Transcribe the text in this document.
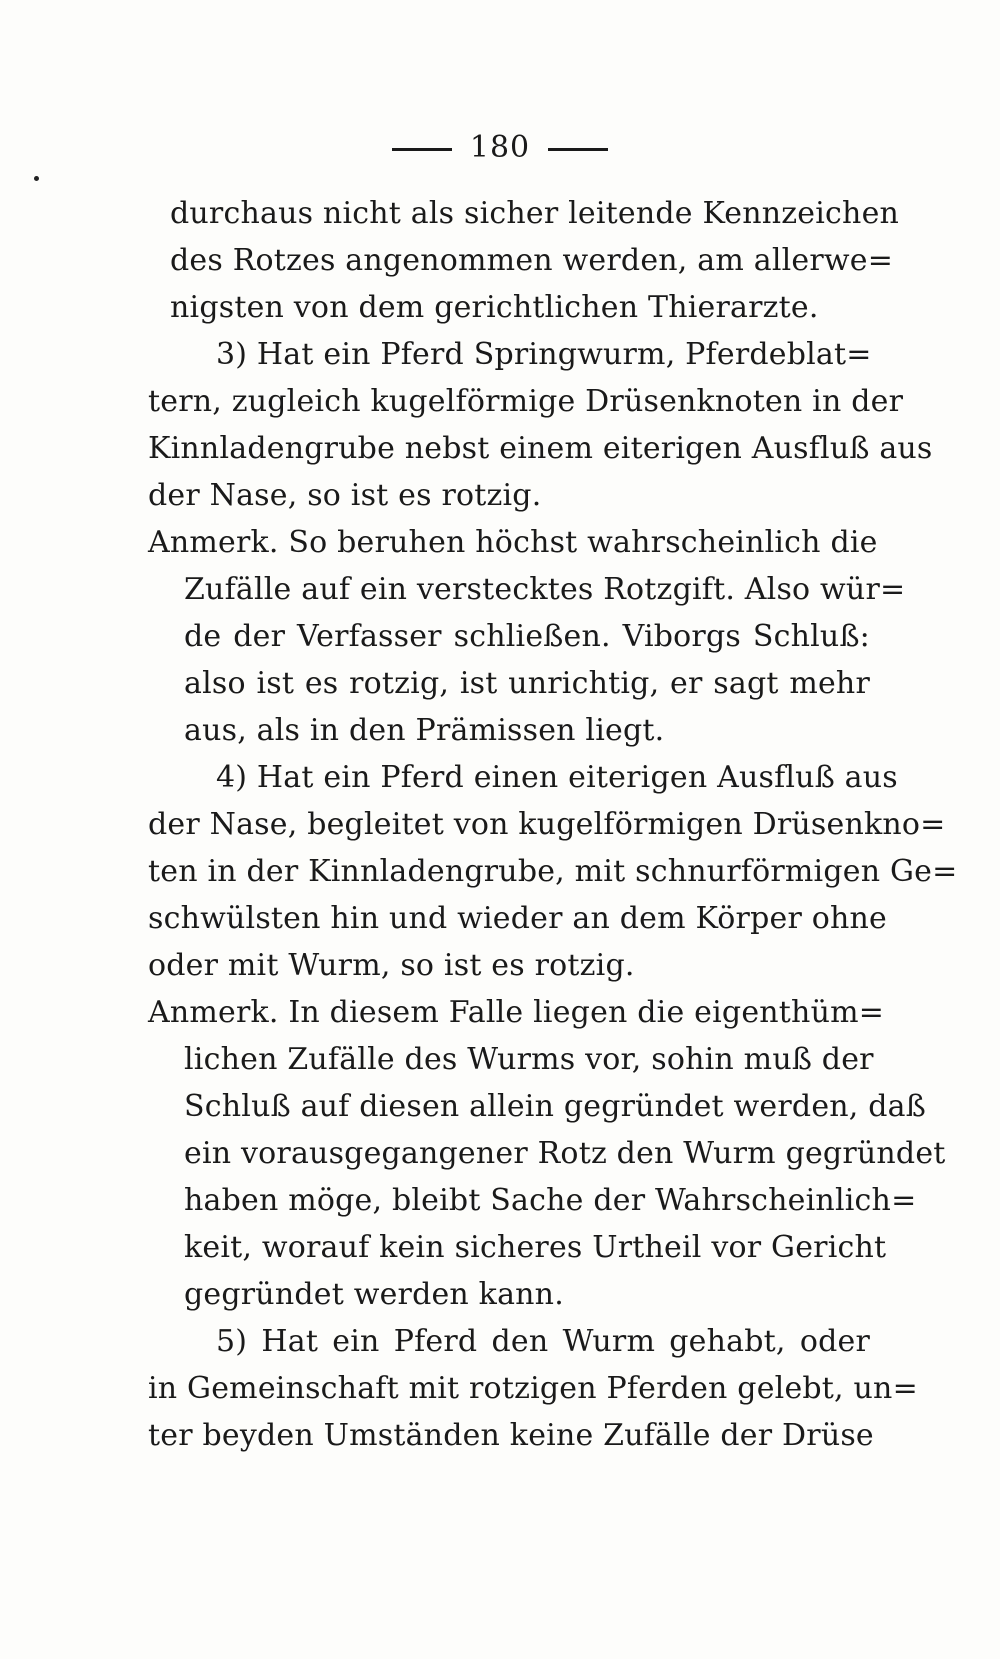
180
durchaus nicht als sicher leitende Kennzeichen
des Rotzes angenommen werden, am allerwe=
nigsten von dem gerichtlichen Thierarzte.
3) Hat ein Pferd Springwurm, Pferdeblat=
tern, zugleich kugelförmige Drüsenknoten in der
Kinnladengrube nebst einem eiterigen Ausfluß aus
der Nase, so ist es rotzig.
Anmerk. So beruhen höchst wahrscheinlich die
Zufälle auf ein verstecktes Rotzgift. Also wür=
de der Verfasser schließen. Viborgs Schluß:
also ist es rotzig, ist unrichtig, er sagt mehr
aus, als in den Prämissen liegt.
4) Hat ein Pferd einen eiterigen Ausfluß aus
der Nase, begleitet von kugelförmigen Drüsenkno=
ten in der Kinnladengrube, mit schnurförmigen Ge=
schwülsten hin und wieder an dem Körper ohne
oder mit Wurm, so ist es rotzig.
Anmerk. In diesem Falle liegen die eigenthüm=
lichen Zufälle des Wurms vor, sohin muß der
Schluß auf diesen allein gegründet werden, daß
ein vorausgegangener Rotz den Wurm gegründet
haben möge, bleibt Sache der Wahrscheinlich=
keit, worauf kein sicheres Urtheil vor Gericht
gegründet werden kann.
5) Hat ein Pferd den Wurm gehabt, oder
in Gemeinschaft mit rotzigen Pferden gelebt, un=
ter beyden Umständen keine Zufälle der Drüse
